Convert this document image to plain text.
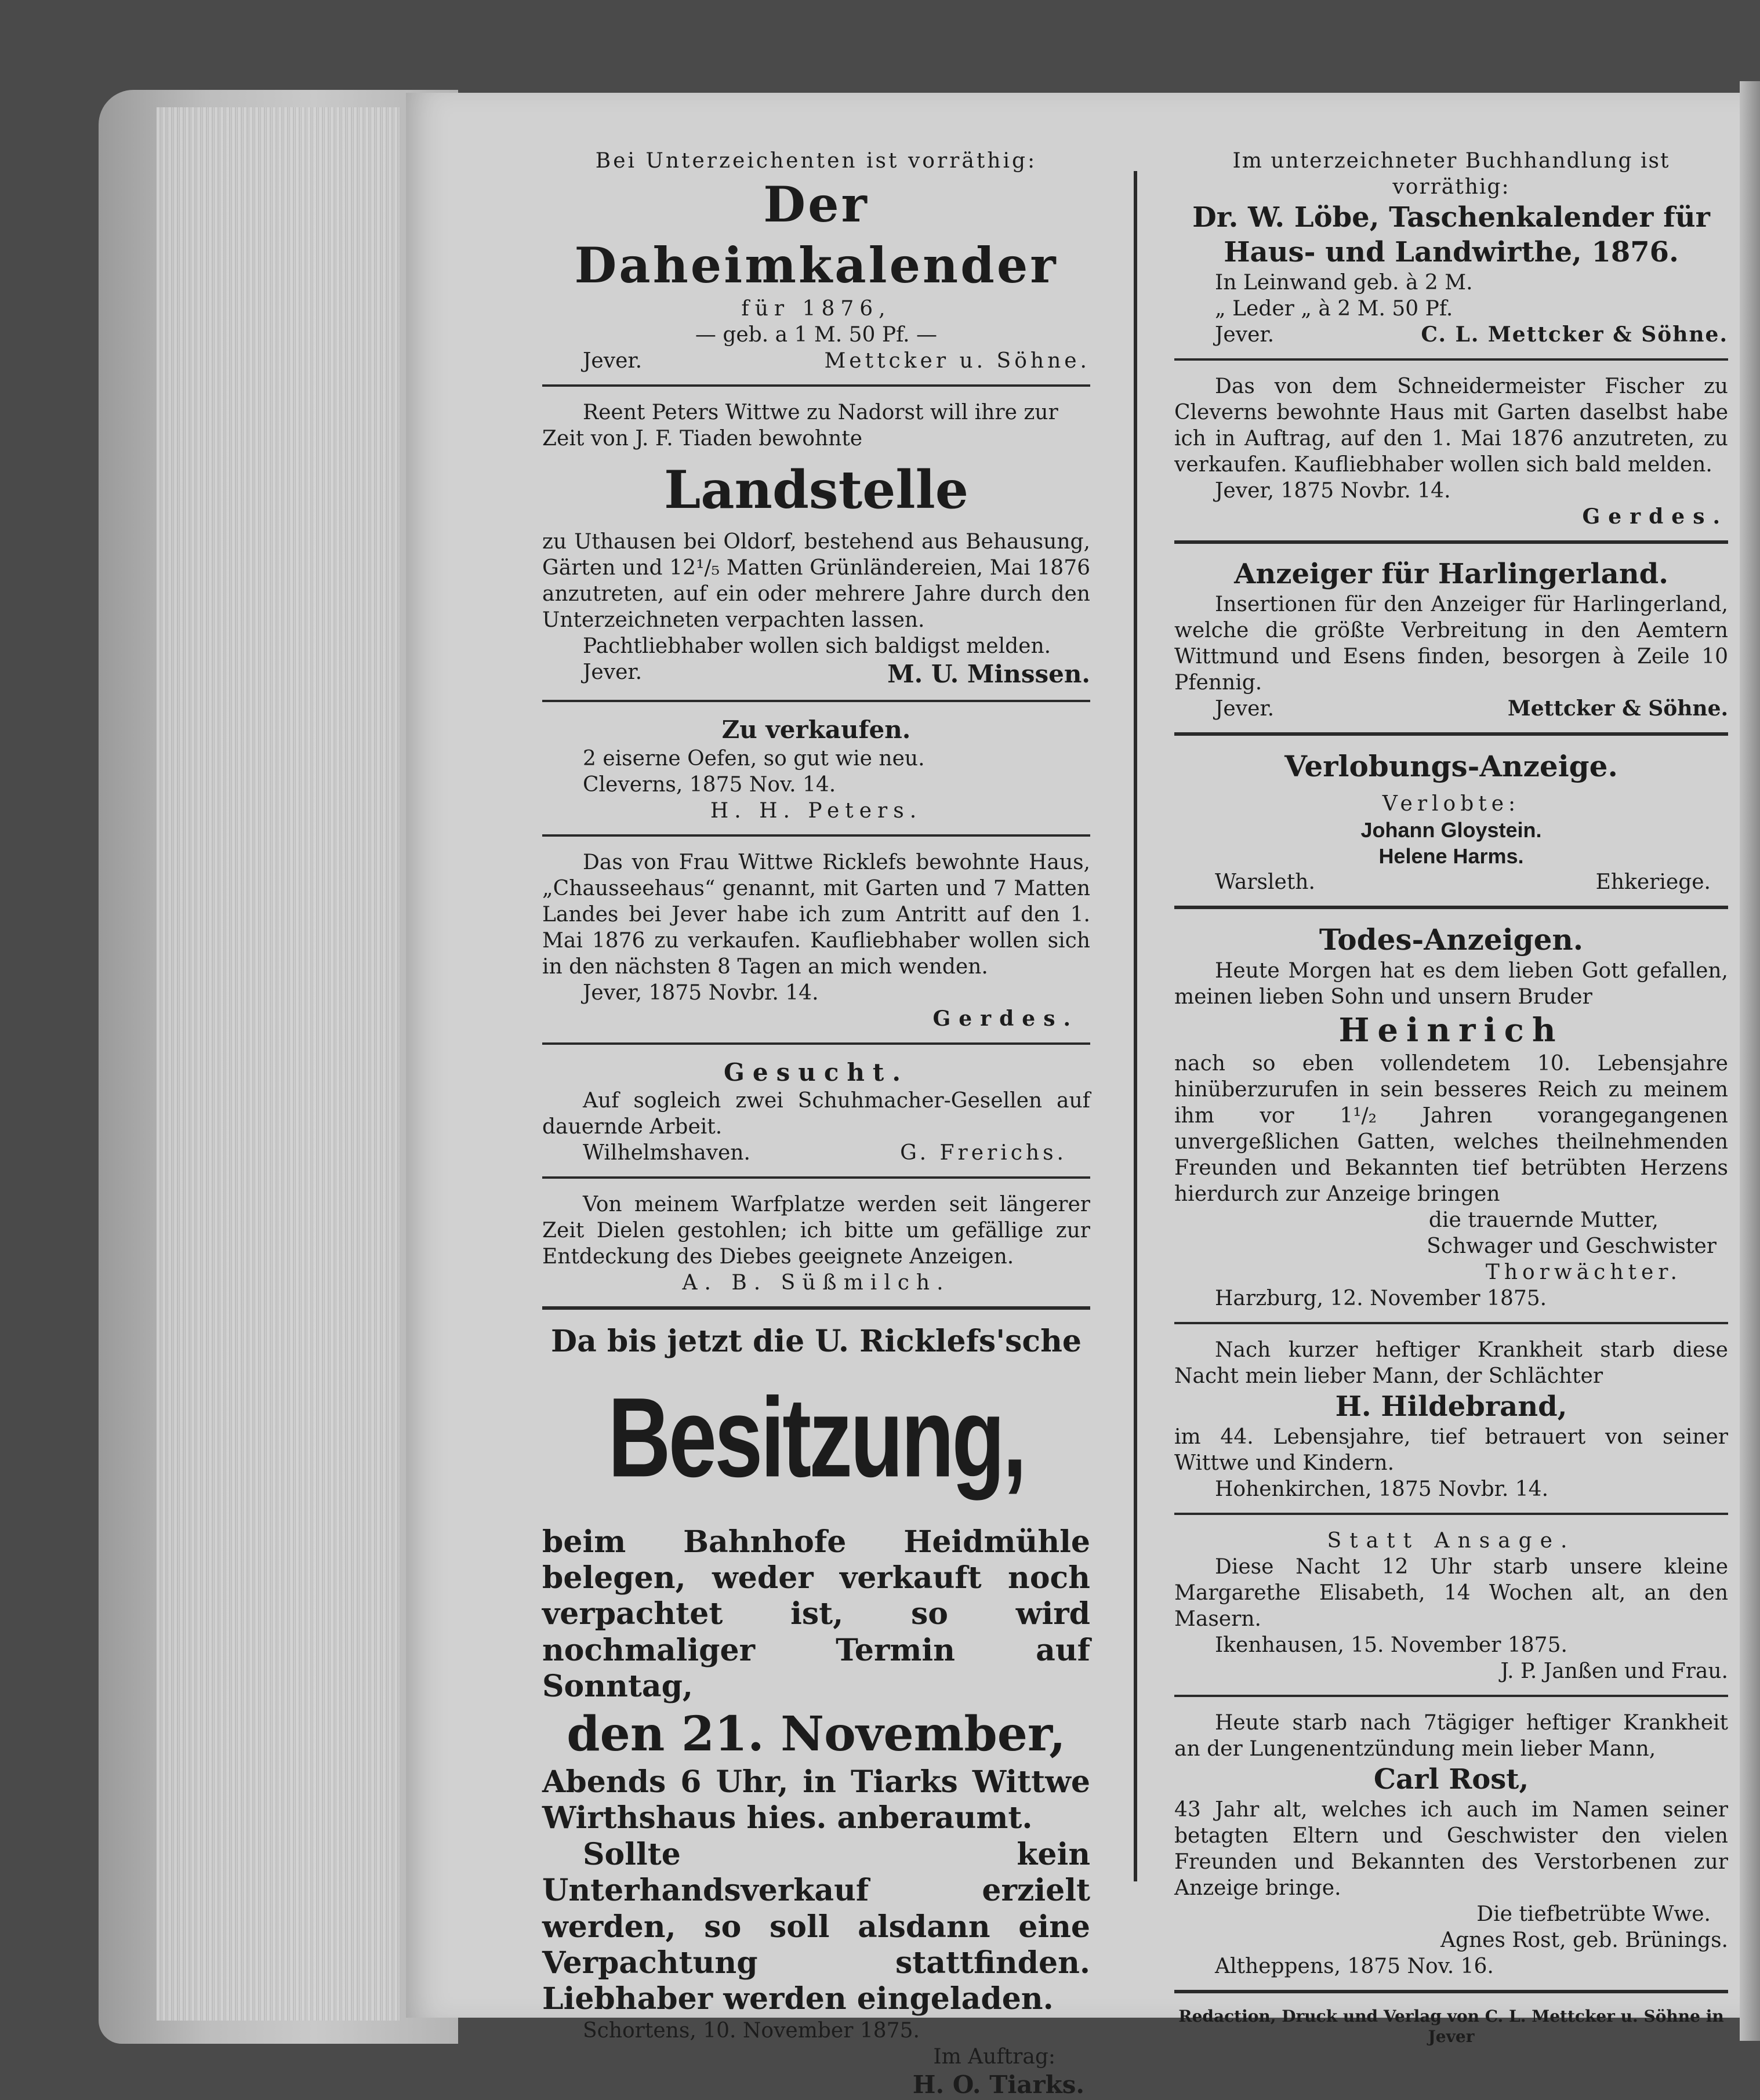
Bei Unterzeichenten ist vorräthig:

Der Daheimkalender

für 1876,

— geb. a 1 M. 50 Pf. —

Jever.	Mettcker u. Söhne.

Reent Peters Wittwe zu Nadorst will ihre zur Zeit von J. F. Tiaden bewohnte

Landstelle

zu Uthausen bei Oldorf, bestehend aus Behausung, Gärten und 12¹/₅ Matten Grünländereien, Mai 1876 anzutreten, auf ein oder mehrere Jahre durch den Unterzeichneten verpachten lassen.

Pachtliebhaber wollen sich baldigst melden.

Jever.	M. U. Minssen.

Zu verkaufen.

2 eiserne Oefen, so gut wie neu.

Cleverns, 1875 Nov. 14.

H. H. Peters.

Das von Frau Wittwe Ricklefs bewohnte Haus, „Chausseehaus“ genannt, mit Garten und 7 Matten Landes bei Jever habe ich zum Antritt auf den 1. Mai 1876 zu verkaufen. Kaufliebhaber wollen sich in den nächsten 8 Tagen an mich wenden.

Jever, 1875 Novbr. 14.

Gerdes.

Gesucht.

Auf sogleich zwei Schuhmacher-Gesellen auf dauernde Arbeit.

Wilhelmshaven.	G. Frerichs.

Von meinem Warfplatze werden seit längerer Zeit Dielen gestohlen; ich bitte um gefällige zur Entdeckung des Diebes geeignete Anzeigen.

A. B. Süßmilch.

Da bis jetzt die U. Ricklefs'sche

Besitzung,

beim Bahnhofe Heidmühle belegen, weder verkauft noch verpachtet ist, so wird nochmaliger Termin auf Sonntag,

den 21. November,

Abends 6 Uhr, in Tiarks Wittwe Wirthshaus hies. anberaumt.

Sollte kein Unterhandsverkauf erzielt werden, so soll alsdann eine Verpachtung stattfinden. Liebhaber werden eingeladen.

Schortens, 10. November 1875.

Im Auftrag:

H. O. Tiarks.

Im unterzeichneter Buchhandlung ist vorräthig:

Dr. W. Löbe, Taschenkalender für

Haus- und Landwirthe, 1876.

In Leinwand geb. à 2 M.

„ Leder „ à 2 M. 50 Pf.

Jever.	C. L. Mettcker & Söhne.

Das von dem Schneidermeister Fischer zu Cleverns bewohnte Haus mit Garten daselbst habe ich in Auftrag, auf den 1. Mai 1876 anzutreten, zu verkaufen. Kaufliebhaber wollen sich bald melden.

Jever, 1875 Novbr. 14.

Gerdes.

Anzeiger für Harlingerland.

Insertionen für den Anzeiger für Harlingerland, welche die größte Verbreitung in den Aemtern Wittmund und Esens finden, besorgen à Zeile 10 Pfennig.

Jever.	Mettcker & Söhne.

Verlobungs-Anzeige.

Verlobte:

Johann Gloystein.

Helene Harms.

Warsleth.	Ehkeriege.

Todes-Anzeigen.

Heute Morgen hat es dem lieben Gott gefallen, meinen lieben Sohn und unsern Bruder

Heinrich

nach so eben vollendetem 10. Lebensjahre hinüberzurufen in sein besseres Reich zu meinem ihm vor 1¹/₂ Jahren vorangegangenen unvergeßlichen Gatten, welches theilnehmenden Freunden und Bekannten tief betrübten Herzens hierdurch zur Anzeige bringen

die trauernde Mutter,

Schwager und Geschwister

Thorwächter.

Harzburg, 12. November 1875.

Nach kurzer heftiger Krankheit starb diese Nacht mein lieber Mann, der Schlächter

H. Hildebrand,

im 44. Lebensjahre, tief betrauert von seiner Wittwe und Kindern.

Hohenkirchen, 1875 Novbr. 14.

Statt Ansage.

Diese Nacht 12 Uhr starb unsere kleine Margarethe Elisabeth, 14 Wochen alt, an den Masern.

Ikenhausen, 15. November 1875.

J. P. Janßen und Frau.

Heute starb nach 7tägiger heftiger Krankheit an der Lungenentzündung mein lieber Mann,

Carl Rost,

43 Jahr alt, welches ich auch im Namen seiner betagten Eltern und Geschwister den vielen Freunden und Bekannten des Verstorbenen zur Anzeige bringe.

Die tiefbetrübte Wwe.

Agnes Rost, geb. Brünings.

Altheppens, 1875 Nov. 16.

Redaction, Druck und Verlag von C. L. Mettcker u. Söhne in Jever
